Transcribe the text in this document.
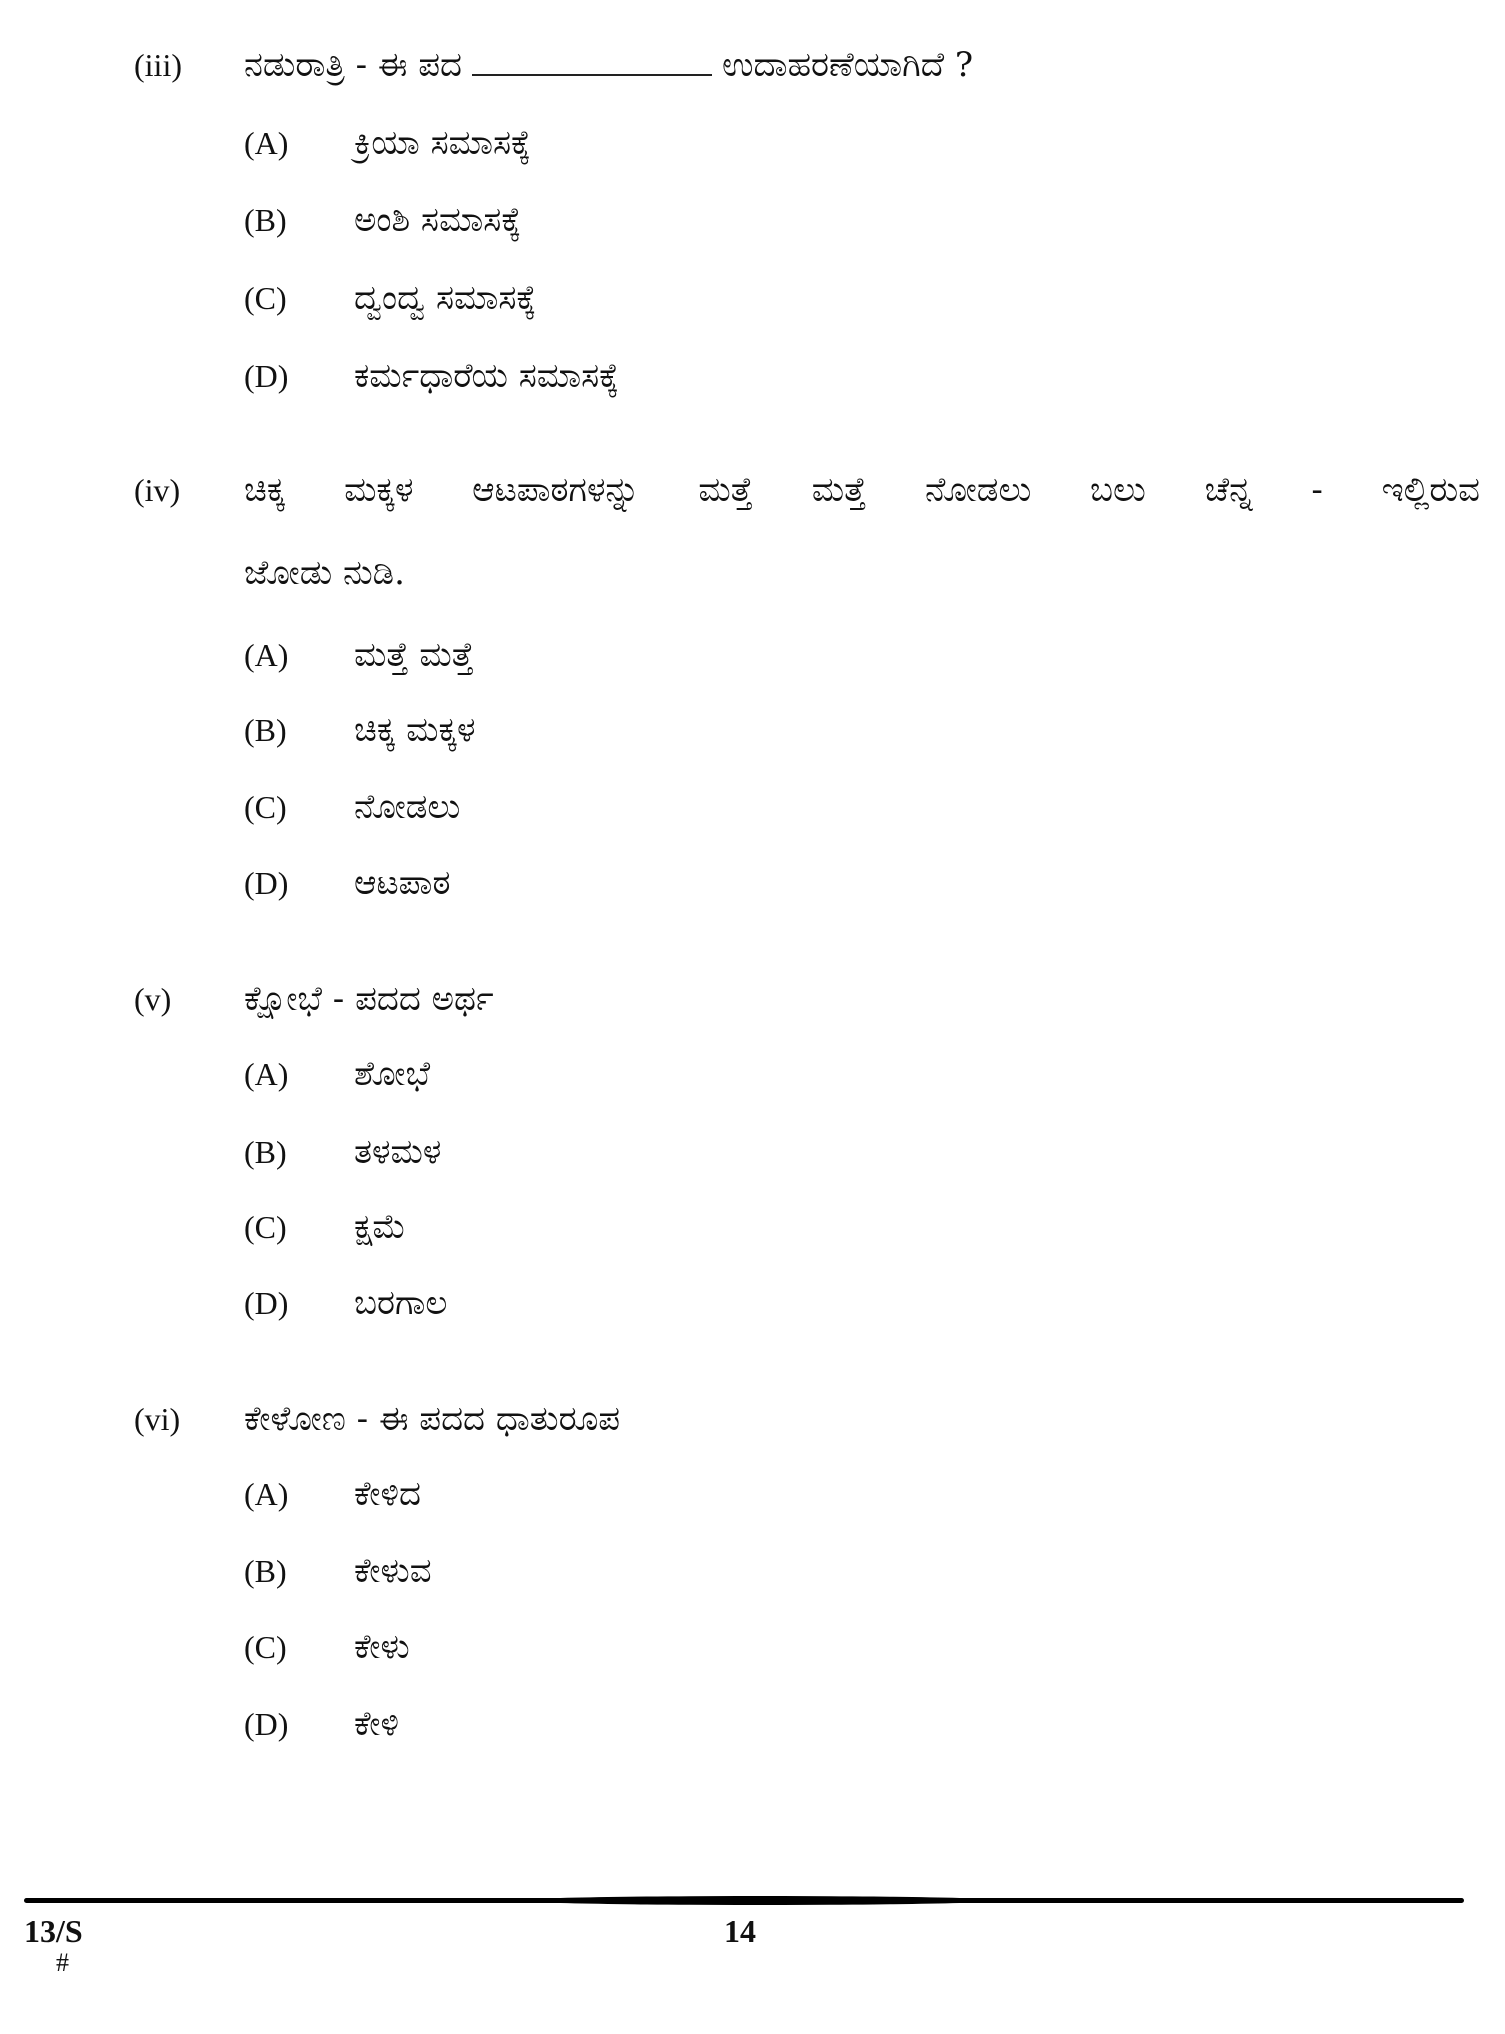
(iii) ನಡುರಾತ್ರಿ - ಈ ಪದ	ಉದಾಹರಣೆಯಾಗಿದೆ ?
(A) ಕ್ರಿಯಾ ಸಮಾಸಕ್ಕೆ
(B) ಅಂಶಿ ಸಮಾಸಕ್ಕೆ
(C) ದ್ವಂದ್ವ ಸಮಾಸಕ್ಕೆ
(D) ಕರ್ಮಧಾರೆಯ ಸಮಾಸಕ್ಕೆ
(iv) ಚಿಕ್ಕ ಮಕ್ಕಳ ಆಟಪಾಠಗಳನ್ನು ಮತ್ತೆ ಮತ್ತೆ ನೋಡಲು ಬಲು ಚೆನ್ನ - ಇಲ್ಲಿರುವ
ಜೋಡು ನುಡಿ.
(A) ಮತ್ತೆ ಮತ್ತೆ
(B) ಚಿಕ್ಕ ಮಕ್ಕಳ
(C) ನೋಡಲು
(D) ಆಟಪಾಠ
(v) ಕ್ಷೋಭೆ - ಪದದ ಅರ್ಥ
(A) ಶೋಭೆ
(B) ತಳಮಳ
(C) ಕ್ಷಮೆ
(D) ಬರಗಾಲ
(vi) ಕೇಳೋಣ - ಈ ಪದದ ಧಾತುರೂಪ
(A) ಕೇಳಿದ
(B) ಕೇಳುವ
(C) ಕೇಳು
(D) ಕೇಳಿ
13/S
#
14
